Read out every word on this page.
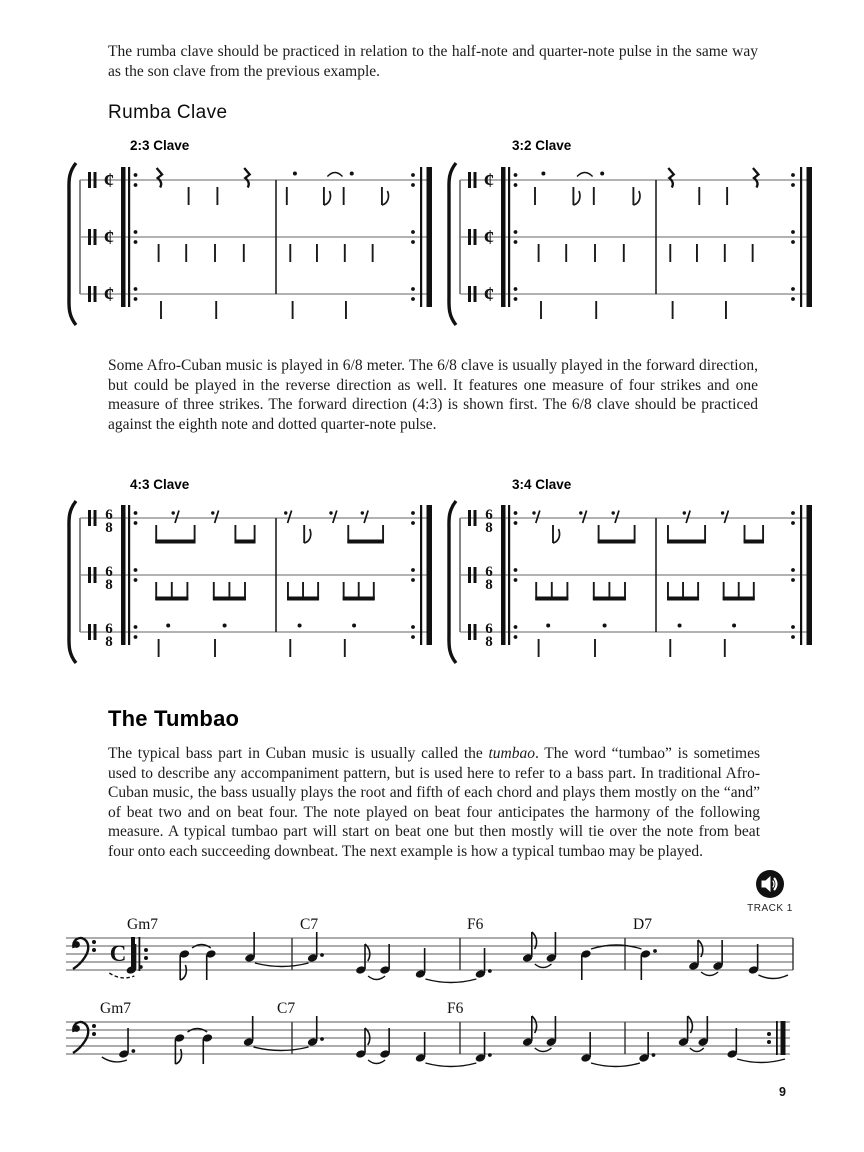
The rumba clave should be practiced in relation to the half-note and quarter-note pulse in the same way as the son clave from the previous example.

Rumba Clave
2:3 Clave	3:2 Clave
¢
¢
¢
¢
¢
¢

Some Afro-Cuban music is played in 6/8 meter. The 6/8 clave is usually played in the forward direction, but could be played in the reverse direction as well. It features one measure of four strikes and one measure of three strikes. The forward direction (4:3) is shown first. The 6/8 clave should be practiced against the eighth note and dotted quarter-note pulse.

4:3 Clave	3:4 Clave
6
8
6
8
6
8
6
8
6
8
6
8
The Tumbao

The typical bass part in Cuban music is usually called the tumbao. The word “tumbao” is sometimes used to describe any accompaniment pattern, but is used here to refer to a bass part. In traditional Afro-Cuban music, the bass usually plays the root and fifth of each chord and plays them mostly on the “and” of beat two and on beat four. The note played on beat four anticipates the harmony of the following measure. A typical tumbao part will start on beat one but then mostly will tie over the note from beat four onto each succeeding downbeat. The next example is how a typical tumbao may be played.

TRACK 1
C
Gm7	C7	F6	D7
Gm7	C7	F6
9
